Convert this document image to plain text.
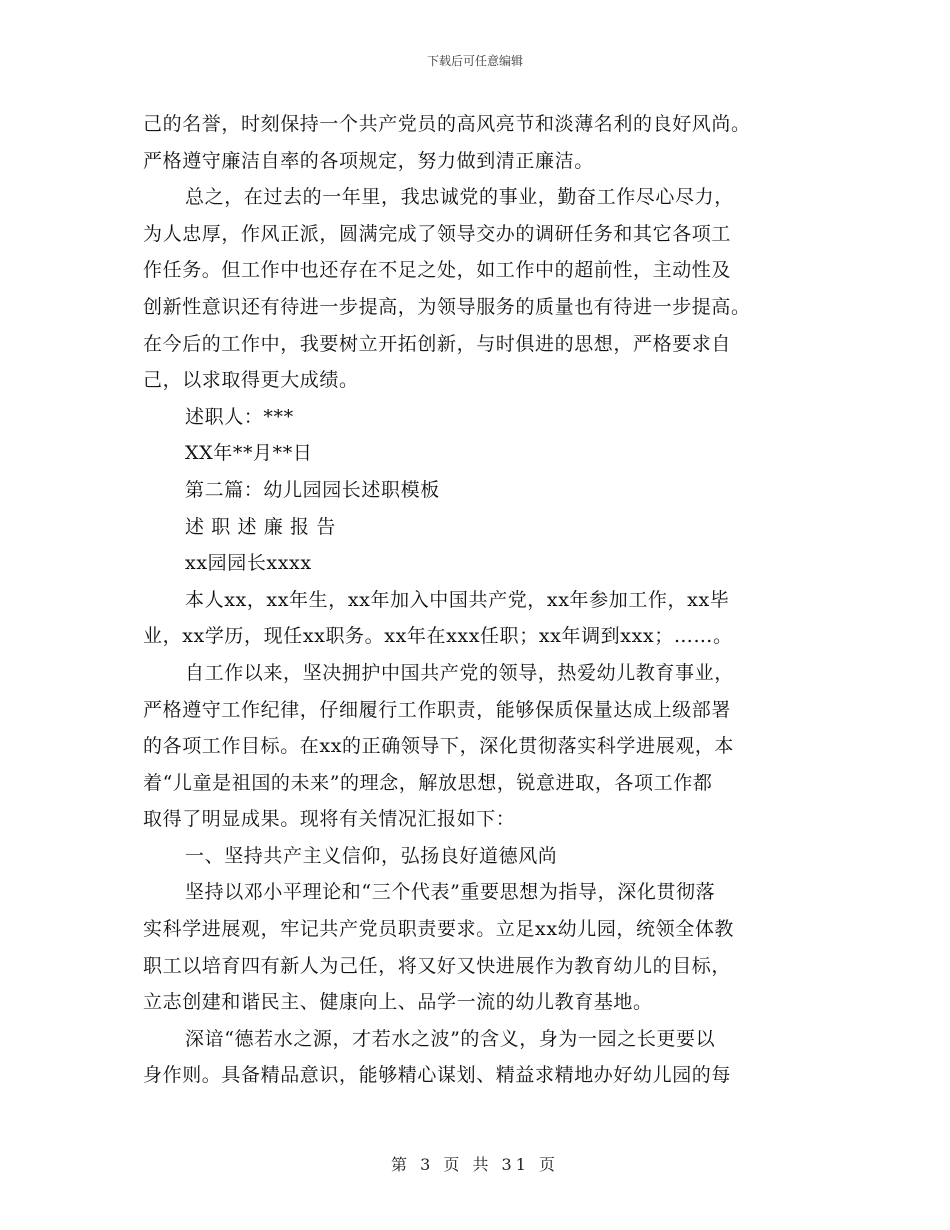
下载后可任意编辑
己的名誉，时刻保持一个共产党员的高风亮节和淡薄名利的良好风尚。
严格遵守廉洁自率的各项规定，努力做到清正廉洁。
总之，在过去的一年里，我忠诚党的事业，勤奋工作尽心尽力，
为人忠厚，作风正派，圆满完成了领导交办的调研任务和其它各项工
作任务。但工作中也还存在不足之处，如工作中的超前性，主动性及
创新性意识还有待进一步提高，为领导服务的质量也有待进一步提高。
在今后的工作中，我要树立开拓创新，与时俱进的思想，严格要求自
己，以求取得更大成绩。
述职人：***
XX年**月**日
第二篇：幼儿园园长述职模板
述 职 述 廉 报 告
xx园园长xxxx
本人xx，xx年生，xx年加入中国共产党，xx年参加工作，xx毕
业，xx学历，现任xx职务。xx年在xxx任职；xx年调到xxx；……。
自工作以来，坚决拥护中国共产党的领导，热爱幼儿教育事业，
严格遵守工作纪律，仔细履行工作职责，能够保质保量达成上级部署
的各项工作目标。在xx的正确领导下，深化贯彻落实科学进展观，本
着“儿童是祖国的未来”的理念，解放思想，锐意进取，各项工作都
取得了明显成果。现将有关情况汇报如下：
一、坚持共产主义信仰，弘扬良好道德风尚
坚持以邓小平理论和“三个代表”重要思想为指导，深化贯彻落
实科学进展观，牢记共产党员职责要求。立足xx幼儿园，统领全体教
职工以培育四有新人为己任，将又好又快进展作为教育幼儿的目标，
立志创建和谐民主、健康向上、品学一流的幼儿教育基地。
深谙“德若水之源，才若水之波”的含义，身为一园之长更要以
身作则。具备精品意识，能够精心谋划、精益求精地办好幼儿园的每
第 3 页 共 31 页
